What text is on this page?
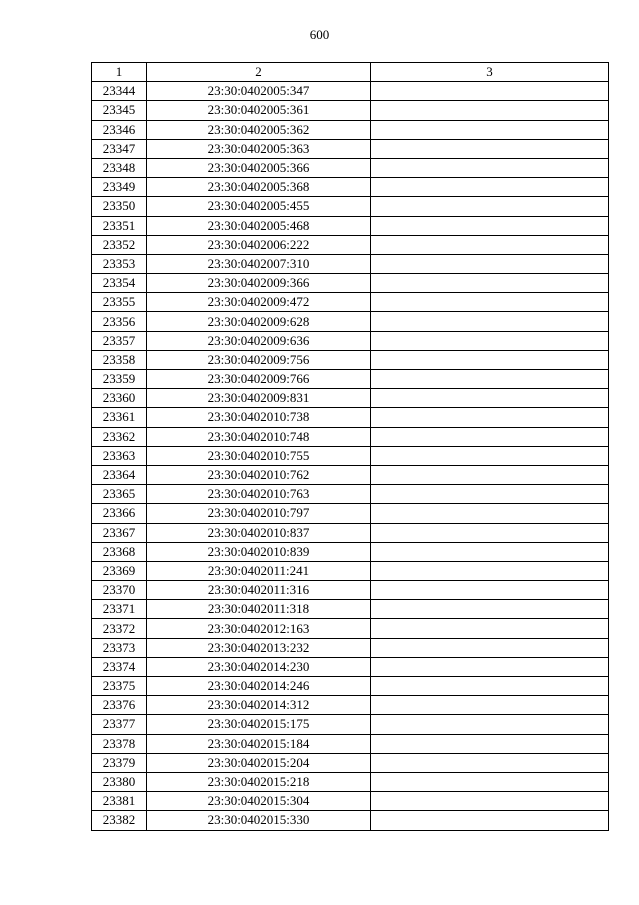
600
1	2	3
23344	23:30:0402005:347	
23345	23:30:0402005:361	
23346	23:30:0402005:362	
23347	23:30:0402005:363	
23348	23:30:0402005:366	
23349	23:30:0402005:368	
23350	23:30:0402005:455	
23351	23:30:0402005:468	
23352	23:30:0402006:222	
23353	23:30:0402007:310	
23354	23:30:0402009:366	
23355	23:30:0402009:472	
23356	23:30:0402009:628	
23357	23:30:0402009:636	
23358	23:30:0402009:756	
23359	23:30:0402009:766	
23360	23:30:0402009:831	
23361	23:30:0402010:738	
23362	23:30:0402010:748	
23363	23:30:0402010:755	
23364	23:30:0402010:762	
23365	23:30:0402010:763	
23366	23:30:0402010:797	
23367	23:30:0402010:837	
23368	23:30:0402010:839	
23369	23:30:0402011:241	
23370	23:30:0402011:316	
23371	23:30:0402011:318	
23372	23:30:0402012:163	
23373	23:30:0402013:232	
23374	23:30:0402014:230	
23375	23:30:0402014:246	
23376	23:30:0402014:312	
23377	23:30:0402015:175	
23378	23:30:0402015:184	
23379	23:30:0402015:204	
23380	23:30:0402015:218	
23381	23:30:0402015:304	
23382	23:30:0402015:330	
